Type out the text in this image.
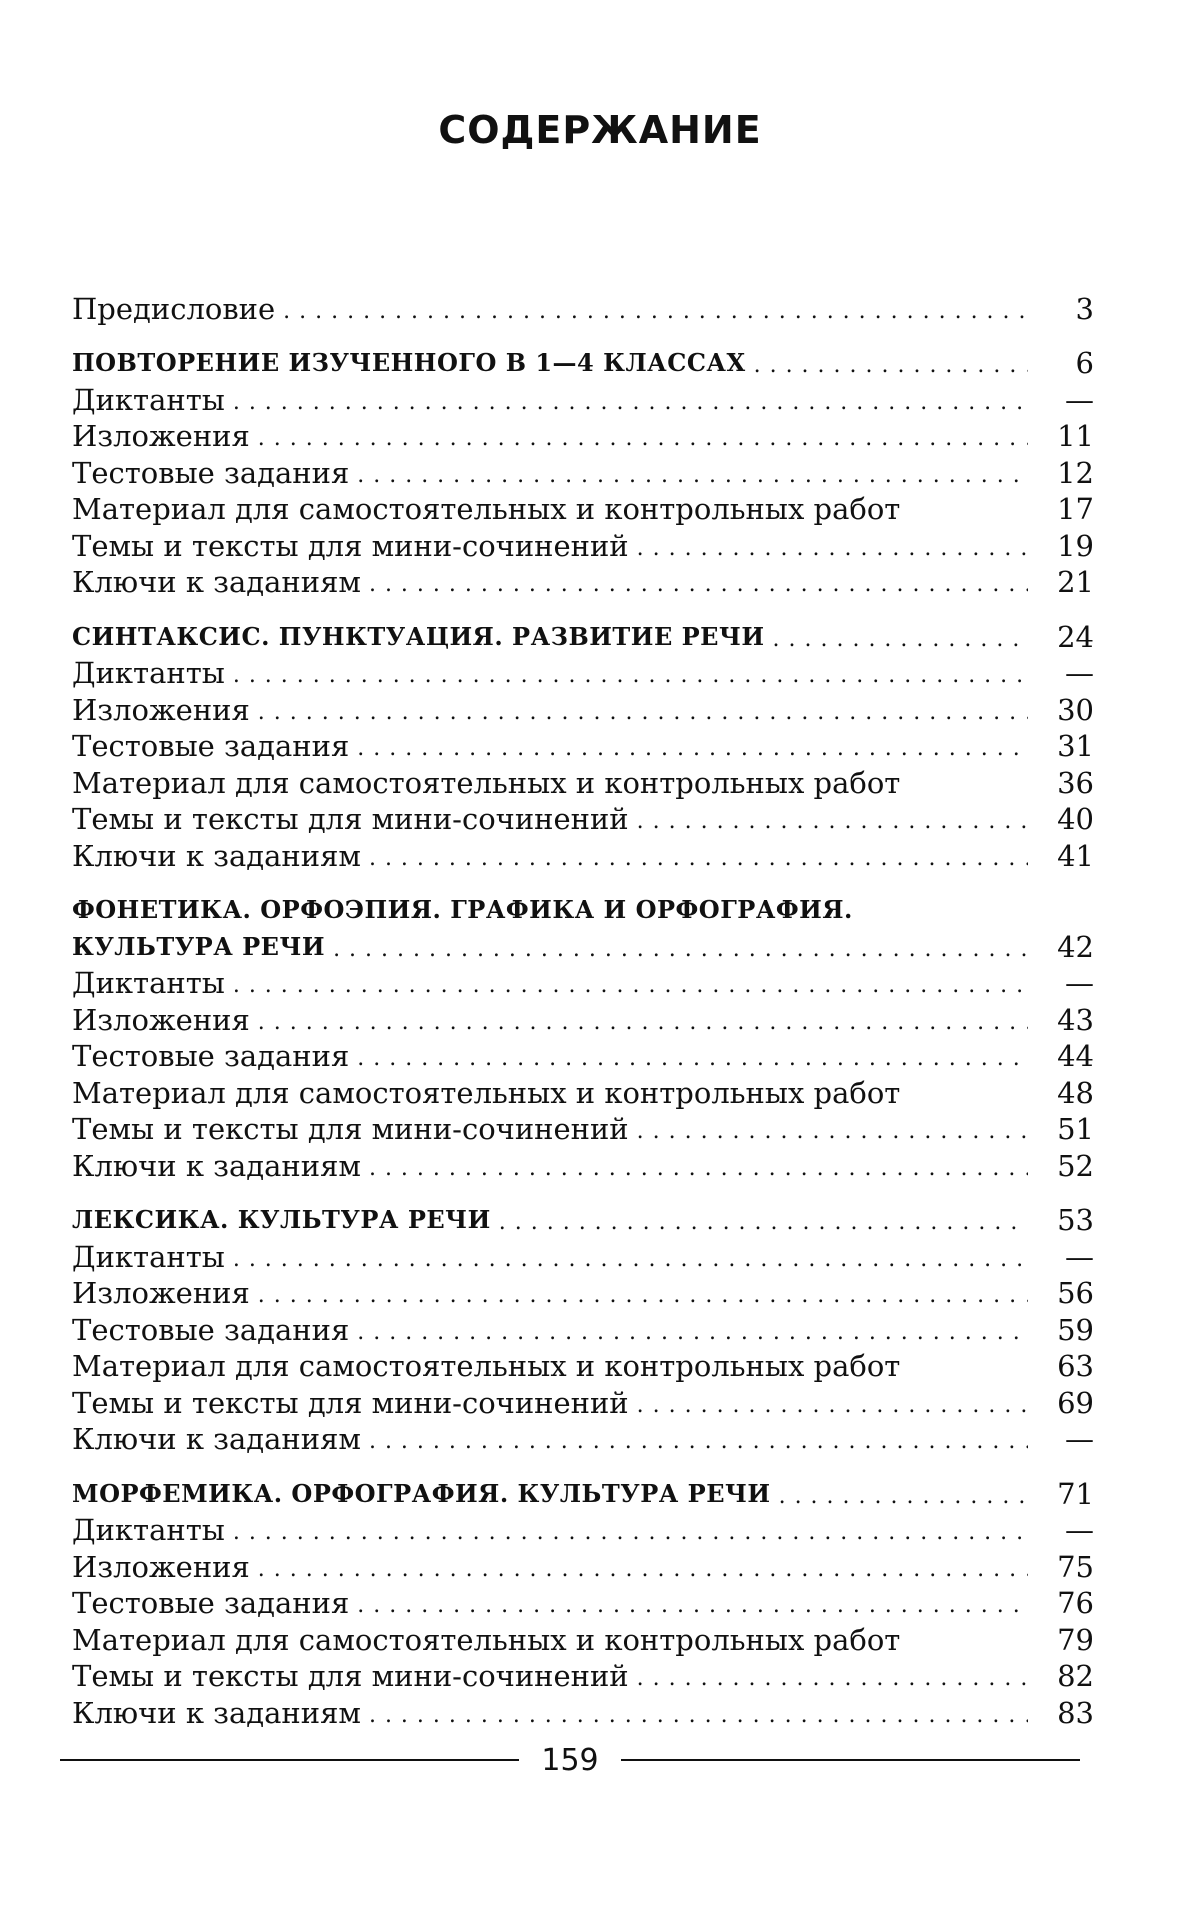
СОДЕРЖАНИЕ
Предисловие . . .	3
ПОВТОРЕНИЕ ИЗУЧЕННОГО В 1—4 КЛАССАХ . . .	6
Диктанты . . .	—
Изложения . . .	11
Тестовые задания . . .	12
Материал для самостоятельных и контрольных работ	17
Темы и тексты для мини-сочинений . . .	19
Ключи к заданиям . . .	21
СИНТАКСИС. ПУНКТУАЦИЯ. РАЗВИТИЕ РЕЧИ . . .	24
Диктанты . . .	—
Изложения . . .	30
Тестовые задания . . .	31
Материал для самостоятельных и контрольных работ	36
Темы и тексты для мини-сочинений . . .	40
Ключи к заданиям . . .	41
ФОНЕТИКА. ОРФОЭПИЯ. ГРАФИКА И ОРФОГРАФИЯ.
КУЛЬТУРА РЕЧИ . . .	42
Диктанты . . .	—
Изложения . . .	43
Тестовые задания . . .	44
Материал для самостоятельных и контрольных работ	48
Темы и тексты для мини-сочинений . . .	51
Ключи к заданиям . . .	52
ЛЕКСИКА. КУЛЬТУРА РЕЧИ . . .	53
Диктанты . . .	—
Изложения . . .	56
Тестовые задания . . .	59
Материал для самостоятельных и контрольных работ	63
Темы и тексты для мини-сочинений . . .	69
Ключи к заданиям . . .	—
МОРФЕМИКА. ОРФОГРАФИЯ. КУЛЬТУРА РЕЧИ . . .	71
Диктанты . . .	—
Изложения . . .	75
Тестовые задания . . .	76
Материал для самостоятельных и контрольных работ	79
Темы и тексты для мини-сочинений . . .	82
Ключи к заданиям . . .	83
159
